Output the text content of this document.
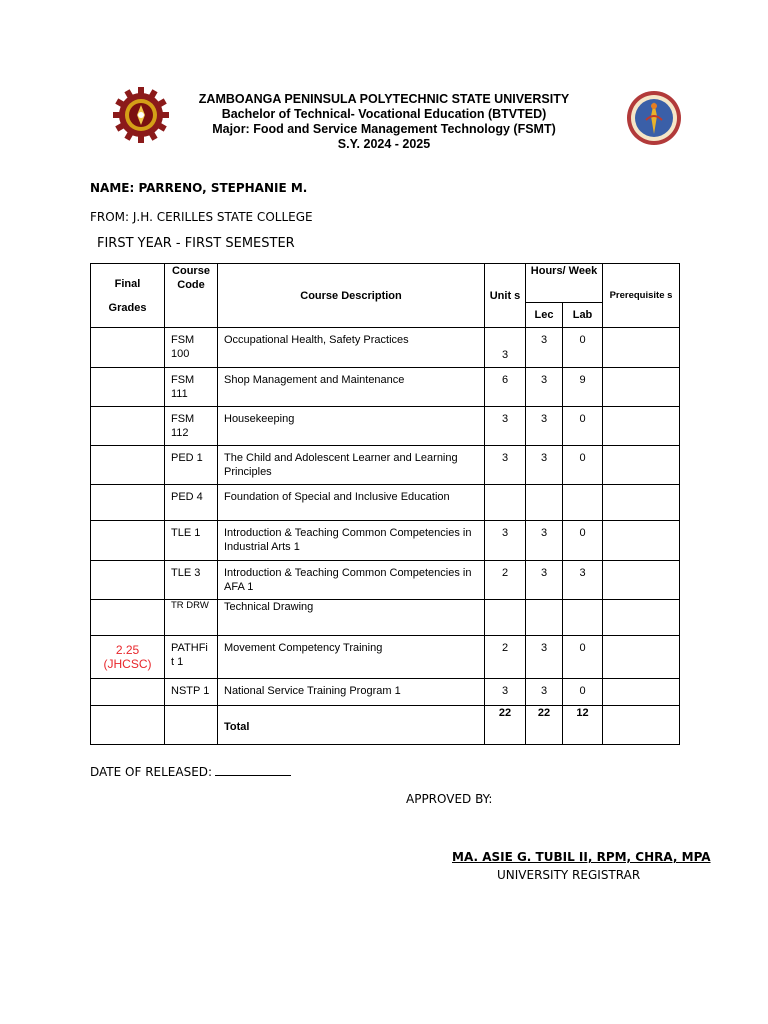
ZAMBOANGA PENINSULA POLYTECHNIC STATE UNIVERSITY
Bachelor of Technical- Vocational Education (BTVTED)
Major: Food and Service Management Technology (FSMT)
S.Y. 2024 - 2025
NAME: PARRENO, STEPHANIE M.
FROM: J.H. CERILLES STATE COLLEGE
FIRST YEAR - FIRST SEMESTER
Final
Grades	Course Code	Course Description	Unit s	Hours/ Week		Prerequisite s
				Lec	Lab	
	FSM 100	Occupational Health, Safety Practices	3	3	0	
	FSM 111	Shop Management and Maintenance	6	3	9	
	FSM 112	Housekeeping	3	3	0	
	PED 1	The Child and Adolescent Learner and Learning Principles	3	3	0	
	PED 4	Foundation of Special and Inclusive Education				
	TLE 1	Introduction & Teaching Common Competencies in Industrial Arts 1	3	3	0	
	TLE 3	Introduction & Teaching Common Competencies in AFA 1	2	3	3	
	TR DRW	Technical Drawing				
2.25 (JHCSC)	PATHFi t 1	Movement Competency Training	2	3	0	
	NSTP 1	National Service Training Program 1	3	3	0	
		Total	22	22	12	
DATE OF RELEASED:
APPROVED BY:
MA. ASIE G. TUBIL II, RPM, CHRA, MPA
UNIVERSITY REGISTRAR
